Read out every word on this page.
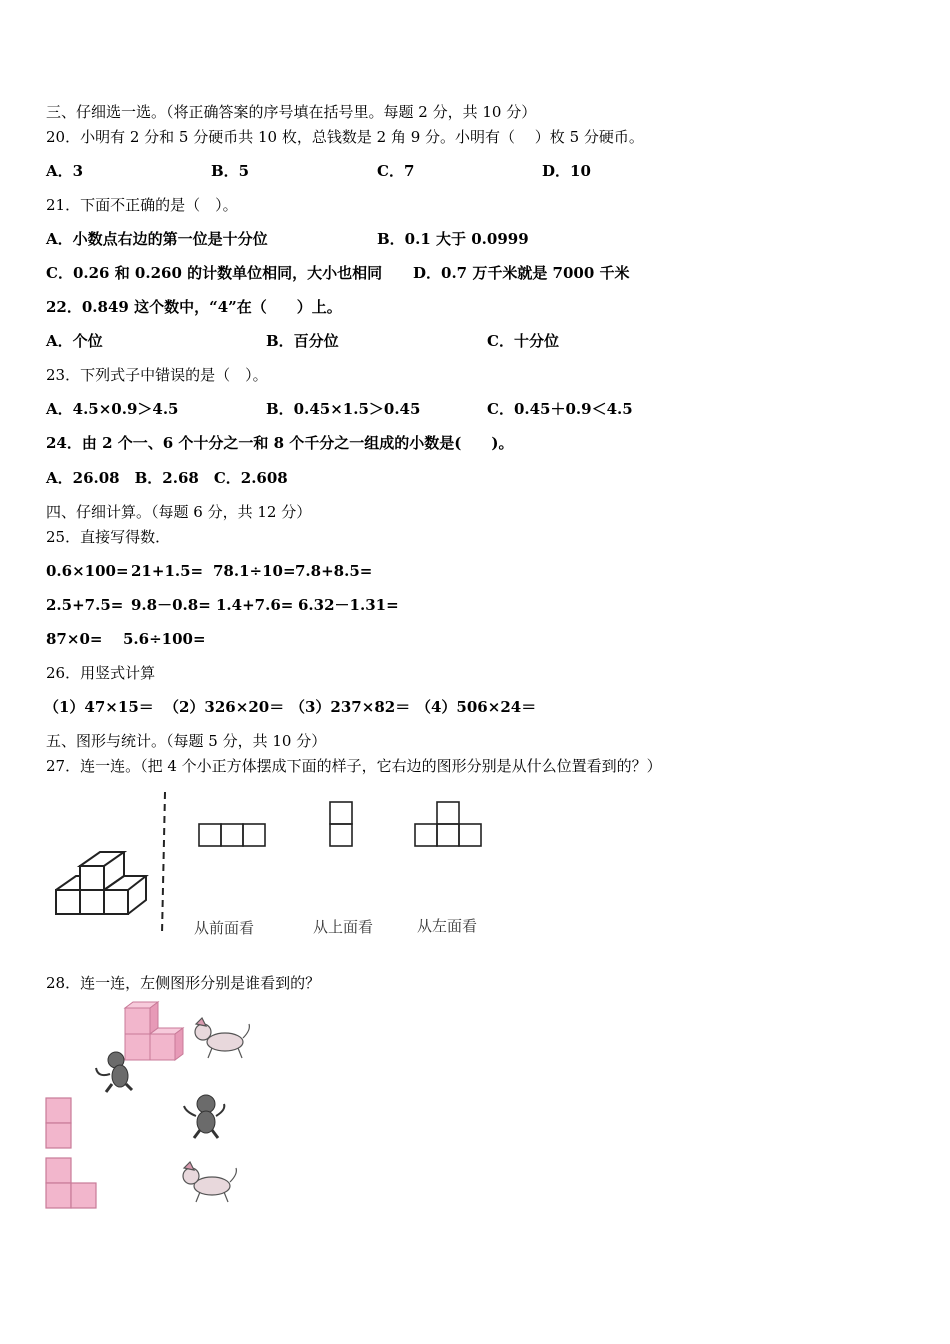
三、仔细选一选。（将正确答案的序号填在括号里。每题 2 分，共 10 分）
20．小明有 2 分和 5 分硬币共 10 枚，总钱数是 2 角 9 分。小明有（　 ）枚 5 分硬币。
A．3	B．5	C．7	D．10
21．下面不正确的是（　）。
A．小数点右边的第一位是十分位	B．0.1 大于 0.0999
C．0.26 和 0.260 的计数单位相同，大小也相同 D．0.7 万千米就是 7000 千米
22．0.849 这个数中，“4”在（　　）上。
A．个位	B．百分位	C．十分位
23．下列式子中错误的是（　）。
A．4.5×0.9＞4.5	B．0.45×1.5＞0.45	C．0.45＋0.9＜4.5
24．由 2 个一、6 个十分之一和 8 个千分之一组成的小数是(　　)。
A．26.08　B．2.68　C．2.608
四、仔细计算。（每题 6 分，共 12 分）
25．直接写得数．
0.6×100= 21+1.5= 78.1÷10= 7.8+8.5=
2.5+7.5= 9.8－0.8= 1.4+7.6= 6.32－1.31=
87×0= 5.6÷100=
26．用竖式计算
（1）47×15＝ （2）326×20＝ （3）237×82＝ （4）506×24＝
五、图形与统计。（每题 5 分，共 10 分）
27．连一连。（把 4 个小正方体摆成下面的样子，它右边的图形分别是从什么位置看到的？）
从前面看	从上面看	从左面看
28．连一连，左侧图形分别是谁看到的？
